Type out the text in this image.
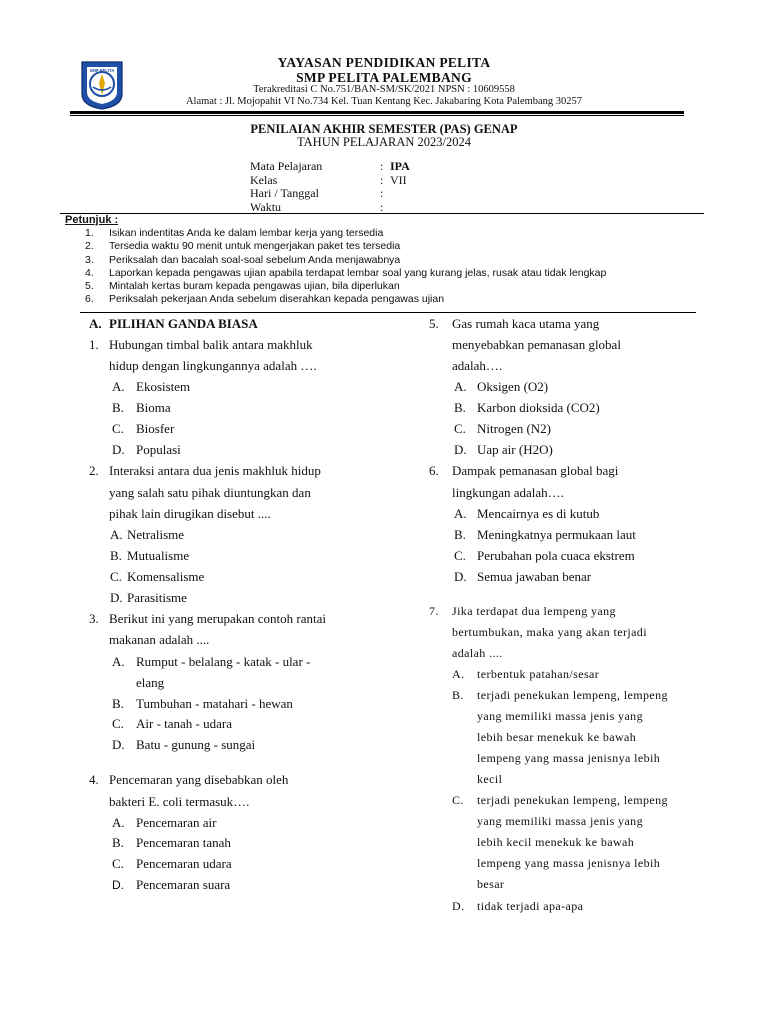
SMP PELITA
YAYASAN PENDIDIKAN PELITA
SMP PELITA PALEMBANG
Terakreditasi C No.751/BAN-SM/SK/2021 NPSN : 10609558
Alamat : Jl. Mojopahit VI No.734 Kel. Tuan Kentang Kec. Jakabaring Kota Palembang 30257
PENILAIAN AKHIR SEMESTER (PAS) GENAP
TAHUN PELAJARAN 2023/2024
Mata Pelajaran	: IPA
Kelas	: VII
Hari / Tanggal	:
Waktu	:
Petunjuk :
1. Isikan indentitas Anda ke dalam lembar kerja yang tersedia
2. Tersedia waktu 90 menit untuk mengerjakan paket tes tersedia
3. Periksalah dan bacalah soal-soal sebelum Anda menjawabnya
4. Laporkan kepada pengawas ujian apabila terdapat lembar soal yang kurang jelas, rusak atau tidak lengkap
5. Mintalah kertas buram kepada pengawas ujian, bila diperlukan
6. Periksalah pekerjaan Anda sebelum diserahkan kepada pengawas ujian
A. PILIHAN GANDA BIASA
1. Hubungan timbal balik antara makhluk
hidup dengan lingkungannya adalah ….
A. Ekosistem
B. Bioma
C. Biosfer
D. Populasi
2. Interaksi antara dua jenis makhluk hidup
yang salah satu pihak diuntungkan dan
pihak lain dirugikan disebut ....
A. Netralisme
B. Mutualisme
C. Komensalisme
D. Parasitisme
3. Berikut ini yang merupakan contoh rantai
makanan adalah ....
A. Rumput - belalang - katak - ular -
elang
B. Tumbuhan - matahari - hewan
C. Air - tanah - udara
D. Batu - gunung - sungai
4. Pencemaran yang disebabkan oleh
bakteri E. coli termasuk….
A. Pencemaran air
B. Pencemaran tanah
C. Pencemaran udara
D. Pencemaran suara
5. Gas rumah kaca utama yang
menyebabkan pemanasan global
adalah….
A. Oksigen (O2)
B. Karbon dioksida (CO2)
C. Nitrogen (N2)
D. Uap air (H2O)
6. Dampak pemanasan global bagi
lingkungan adalah….
A. Mencairnya es di kutub
B. Meningkatnya permukaan laut
C. Perubahan pola cuaca ekstrem
D. Semua jawaban benar
7. Jika terdapat dua lempeng yang
bertumbukan, maka yang akan terjadi
adalah ....
A. terbentuk patahan/sesar
B. terjadi penekukan lempeng, lempeng
yang memiliki massa jenis yang
lebih besar menekuk ke bawah
lempeng yang massa jenisnya lebih
kecil
C. terjadi penekukan lempeng, lempeng
yang memiliki massa jenis yang
lebih kecil menekuk ke bawah
lempeng yang massa jenisnya lebih
besar
D. tidak terjadi apa-apa
